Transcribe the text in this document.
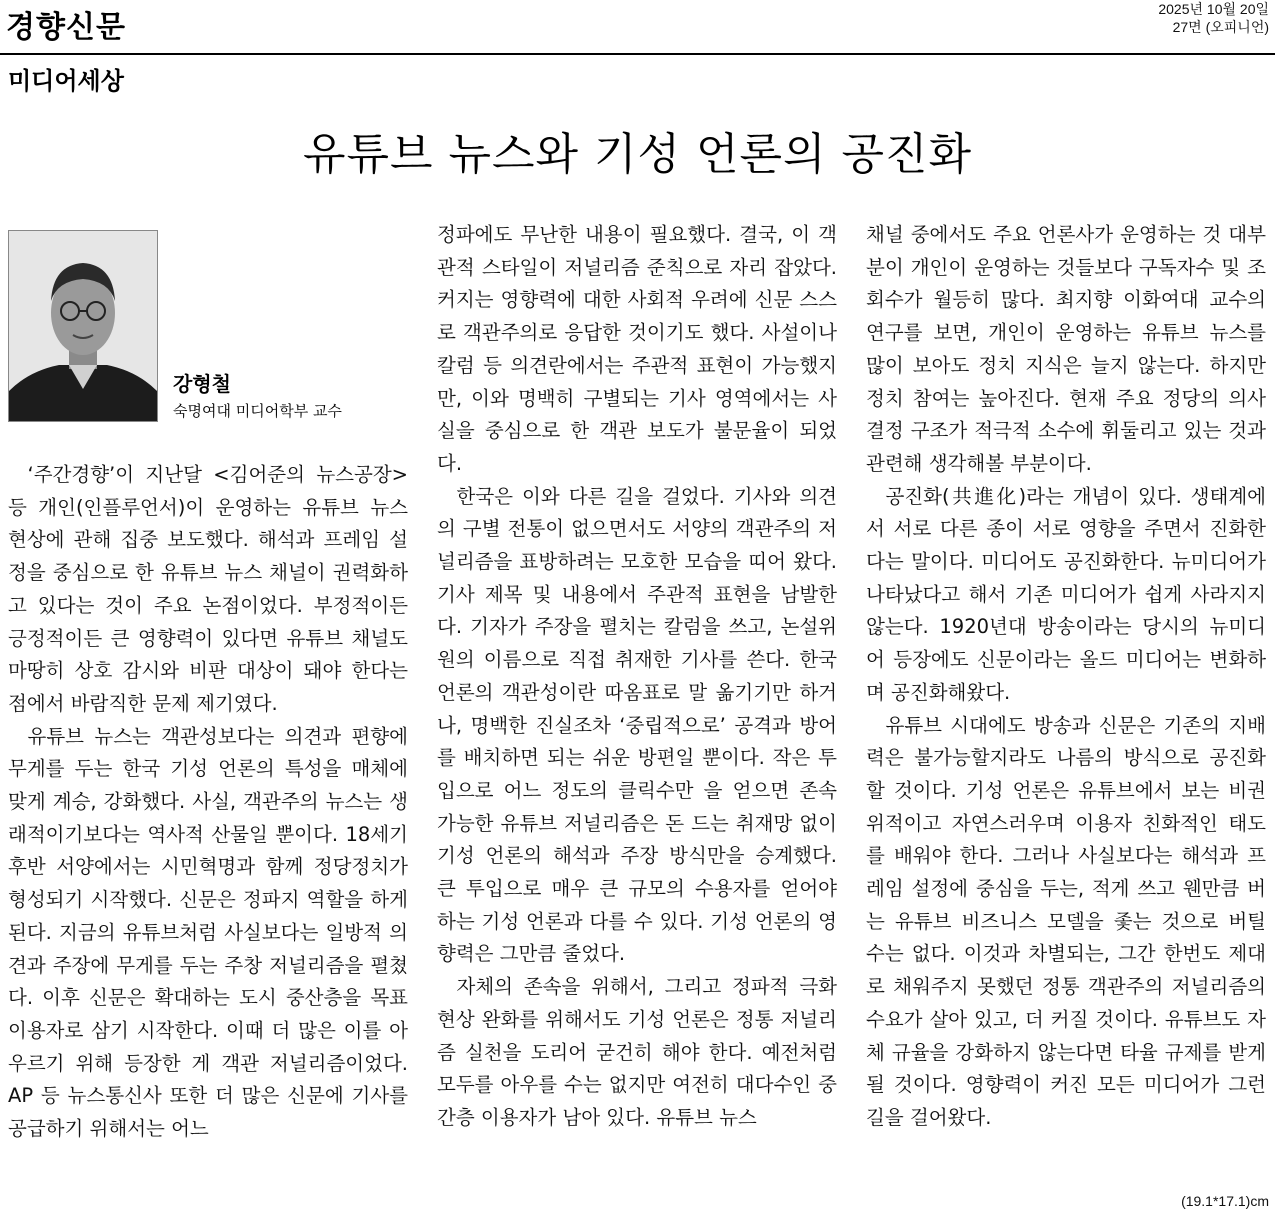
경향신문
2025년 10월 20일
27면 (오피니언)
미디어세상
유튜브 뉴스와 기성 언론의 공진화
강형철
숙명여대 미디어학부 교수

‘주간경향’이 지난달 <김어준의 뉴스공장> 등 개인(인플루언서)이 운영하는 유튜브 뉴스 현상에 관해 집중 보도했다. 해석과 프레임 설정을 중심으로 한 유튜브 뉴스 채널이 권력화하고 있다는 것이 주요 논점이었다. 부정적이든 긍정적이든 큰 영향력이 있다면 유튜브 채널도 마땅히 상호 감시와 비판 대상이 돼야 한다는 점에서 바람직한 문제 제기였다.

유튜브 뉴스는 객관성보다는 의견과 편향에 무게를 두는 한국 기성 언론의 특성을 매체에 맞게 계승, 강화했다. 사실, 객관주의 뉴스는 생래적이기보다는 역사적 산물일 뿐이다. 18세기 후반 서양에서는 시민혁명과 함께 정당정치가 형성되기 시작했다. 신문은 정파지 역할을 하게 된다. 지금의 유튜브처럼 사실보다는 일방적 의견과 주장에 무게를 두는 주창 저널리즘을 펼쳤다. 이후 신문은 확대하는 도시 중산층을 목표 이용자로 삼기 시작한다. 이때 더 많은 이를 아우르기 위해 등장한 게 객관 저널리즘이었다. AP 등 뉴스통신사 또한 더 많은 신문에 기사를 공급하기 위해서는 어느

정파에도 무난한 내용이 필요했다. 결국, 이 객관적 스타일이 저널리즘 준칙으로 자리 잡았다. 커지는 영향력에 대한 사회적 우려에 신문 스스로 객관주의로 응답한 것이기도 했다. 사설이나 칼럼 등 의견란에서는 주관적 표현이 가능했지만, 이와 명백히 구별되는 기사 영역에서는 사실을 중심으로 한 객관 보도가 불문율이 되었다.

한국은 이와 다른 길을 걸었다. 기사와 의견의 구별 전통이 없으면서도 서양의 객관주의 저널리즘을 표방하려는 모호한 모습을 띠어 왔다. 기사 제목 및 내용에서 주관적 표현을 남발한다. 기자가 주장을 펼치는 칼럼을 쓰고, 논설위원의 이름으로 직접 취재한 기사를 쓴다. 한국 언론의 객관성이란 따옴표로 말 옮기기만 하거나, 명백한 진실조차 ‘중립적으로’ 공격과 방어를 배치하면 되는 쉬운 방편일 뿐이다. 작은 투입으로 어느 정도의 클릭수만 을 얻으면 존속 가능한 유튜브 저널리즘은 돈 드는 취재망 없이 기성 언론의 해석과 주장 방식만을 승계했다. 큰 투입으로 매우 큰 규모의 수용자를 얻어야 하는 기성 언론과 다를 수 있다. 기성 언론의 영향력은 그만큼 줄었다.

자체의 존속을 위해서, 그리고 정파적 극화 현상 완화를 위해서도 기성 언론은 정통 저널리즘 실천을 도리어 굳건히 해야 한다. 예전처럼 모두를 아우를 수는 없지만 여전히 대다수인 중간층 이용자가 남아 있다. 유튜브 뉴스

채널 중에서도 주요 언론사가 운영하는 것 대부분이 개인이 운영하는 것들보다 구독자수 및 조회수가 월등히 많다. 최지향 이화여대 교수의 연구를 보면, 개인이 운영하는 유튜브 뉴스를 많이 보아도 정치 지식은 늘지 않는다. 하지만 정치 참여는 높아진다. 현재 주요 정당의 의사결정 구조가 적극적 소수에 휘둘리고 있는 것과 관련해 생각해볼 부분이다.

공진화(共進化)라는 개념이 있다. 생태계에서 서로 다른 종이 서로 영향을 주면서 진화한다는 말이다. 미디어도 공진화한다. 뉴미디어가 나타났다고 해서 기존 미디어가 쉽게 사라지지 않는다. 1920년대 방송이라는 당시의 뉴미디어 등장에도 신문이라는 올드 미디어는 변화하며 공진화해왔다.

유튜브 시대에도 방송과 신문은 기존의 지배력은 불가능할지라도 나름의 방식으로 공진화할 것이다. 기성 언론은 유튜브에서 보는 비권위적이고 자연스러우며 이용자 친화적인 태도를 배워야 한다. 그러나 사실보다는 해석과 프레임 설정에 중심을 두는, 적게 쓰고 웬만큼 버는 유튜브 비즈니스 모델을 좇는 것으로 버틸 수는 없다. 이것과 차별되는, 그간 한번도 제대로 채워주지 못했던 정통 객관주의 저널리즘의 수요가 살아 있고, 더 커질 것이다. 유튜브도 자체 규율을 강화하지 않는다면 타율 규제를 받게 될 것이다. 영향력이 커진 모든 미디어가 그런 길을 걸어왔다.

(19.1*17.1)cm
